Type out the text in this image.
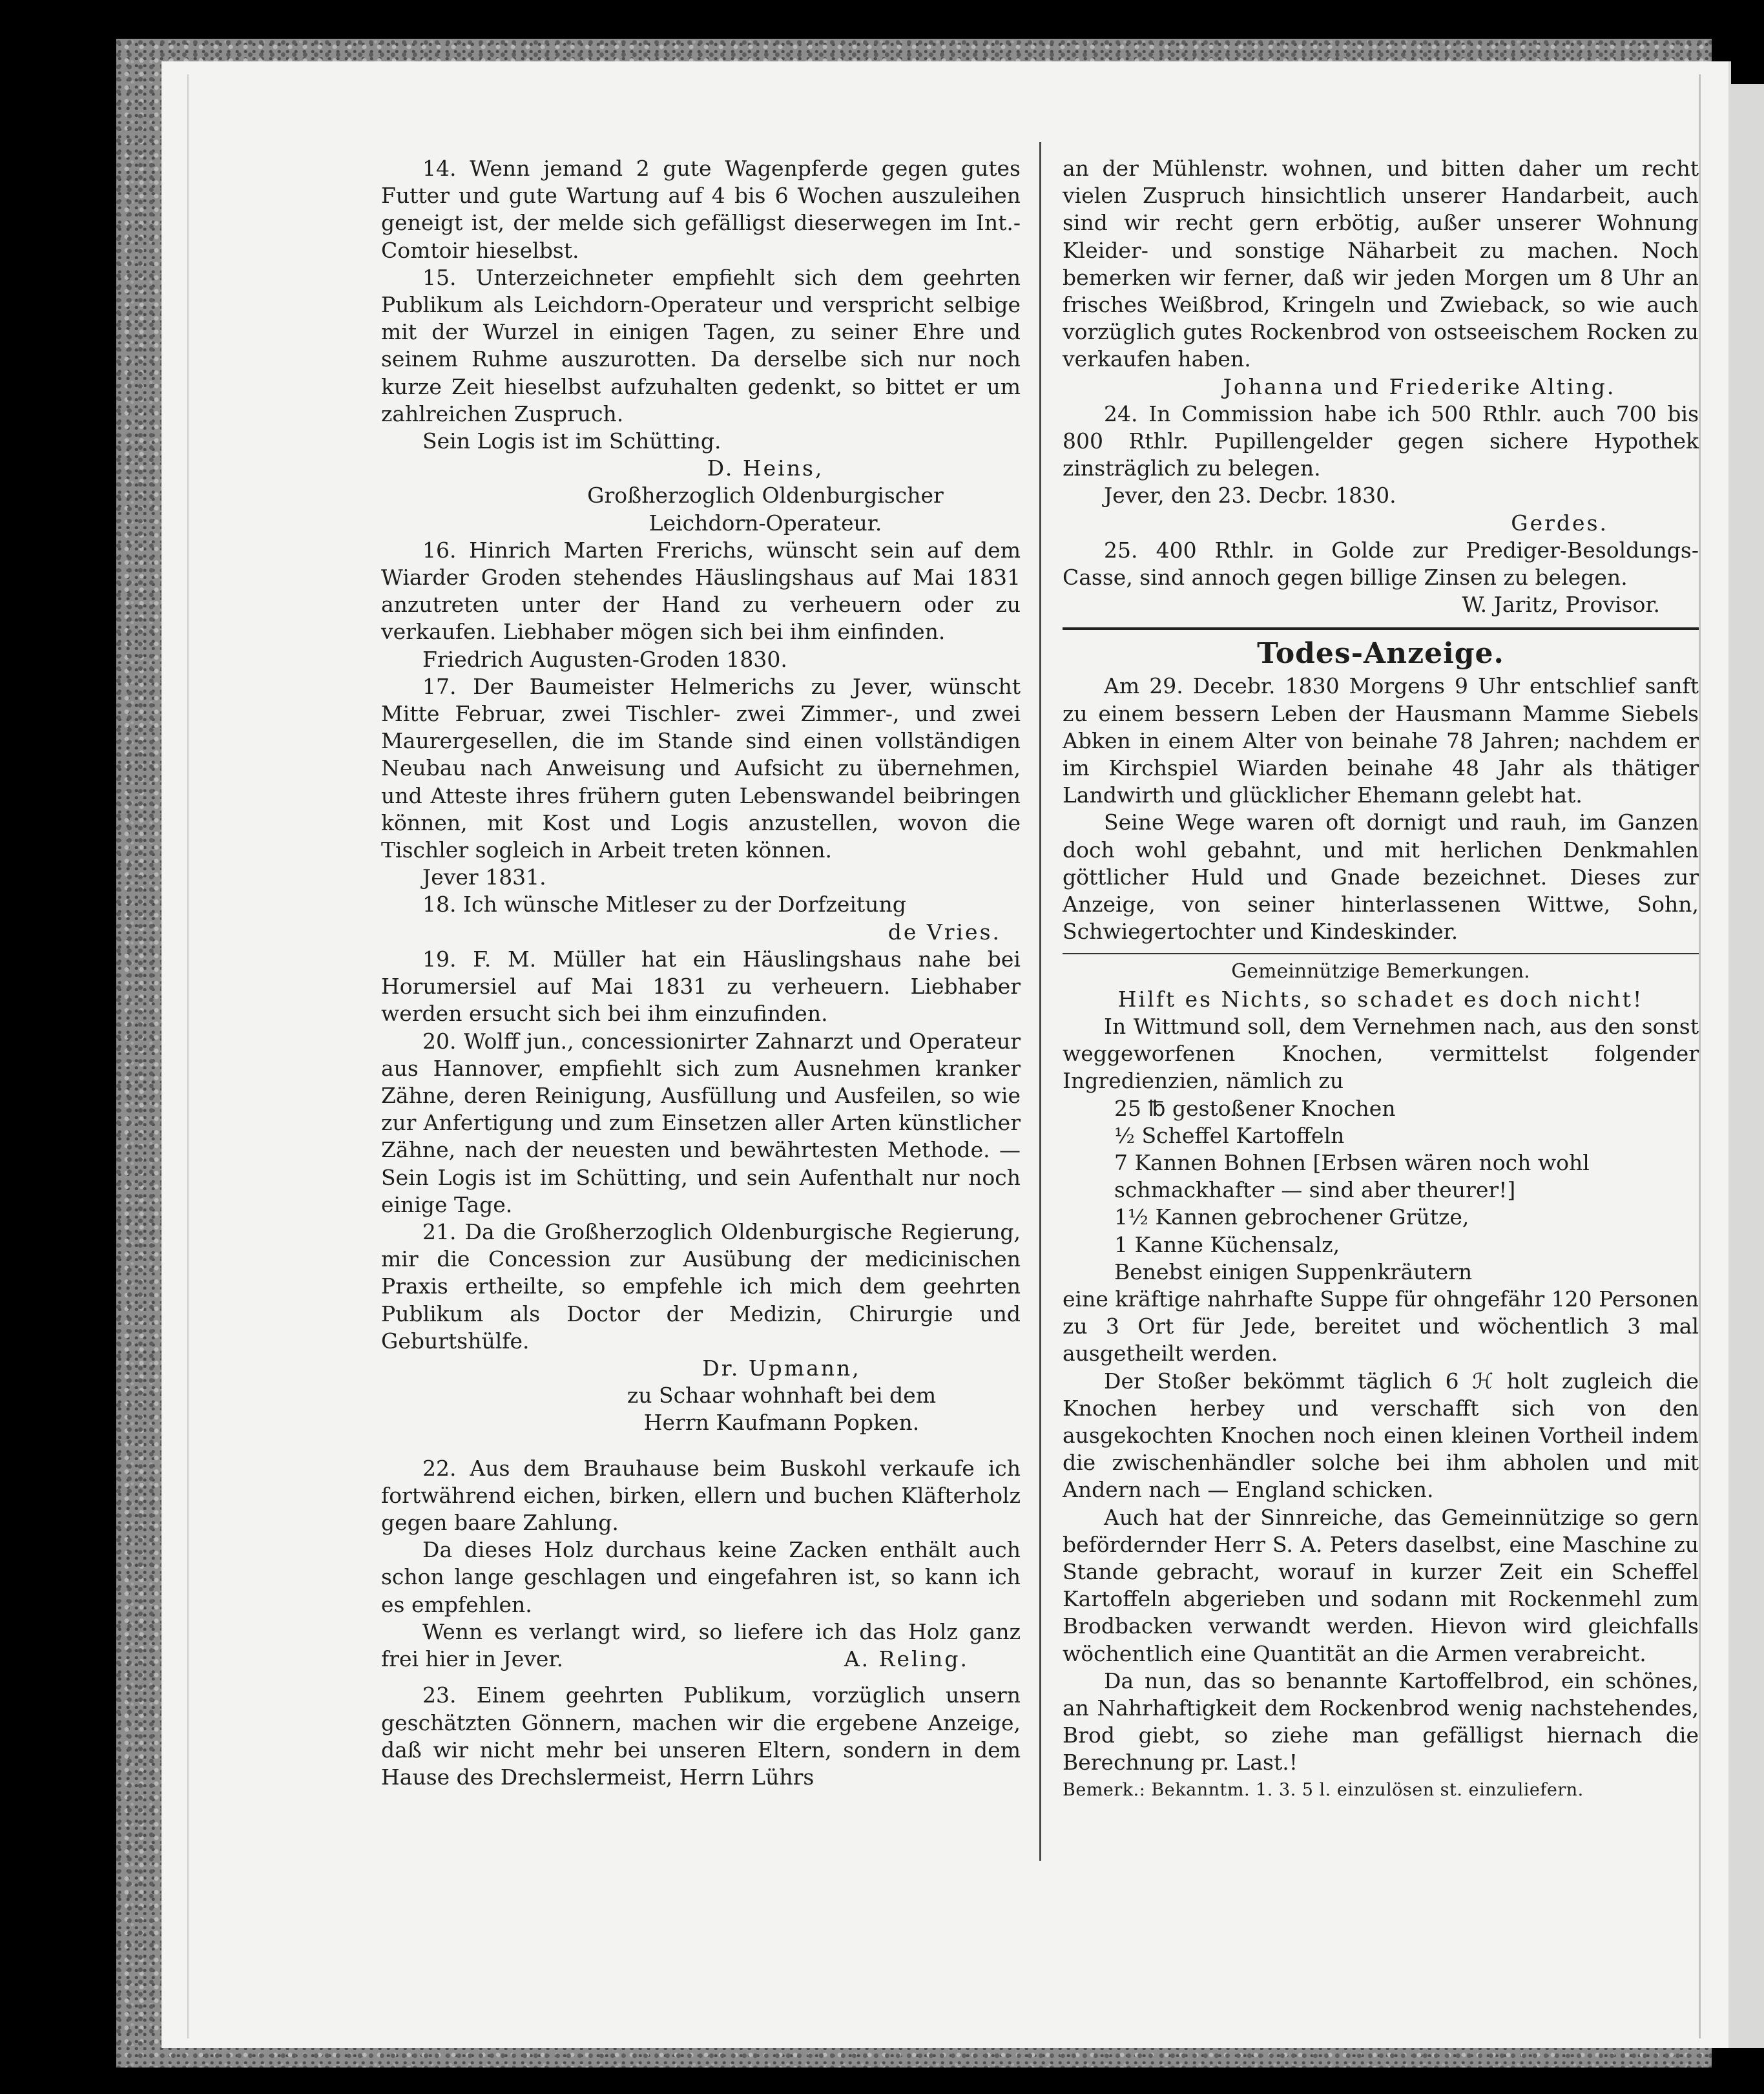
14. Wenn jemand 2 gute Wagenpferde gegen gutes Futter und gute Wartung auf 4 bis 6 Wochen auszuleihen geneigt ist, der melde sich gefälligst dieserwegen im Int.-Comtoir hieselbst.

15. Unterzeichneter empfiehlt sich dem geehrten Publikum als Leichdorn-Operateur und verspricht selbige mit der Wurzel in einigen Tagen, zu seiner Ehre und seinem Ruhme auszurotten. Da derselbe sich nur noch kurze Zeit hieselbst aufzuhalten gedenkt, so bittet er um zahlreichen Zuspruch.

Sein Logis ist im Schütting.

D. Heins,

Großherzoglich Oldenburgischer

Leichdorn-Operateur.

16. Hinrich Marten Frerichs, wünscht sein auf dem Wiarder Groden stehendes Häuslingshaus auf Mai 1831 anzutreten unter der Hand zu verheuern oder zu verkaufen. Liebhaber mögen sich bei ihm einfinden.

Friedrich Augusten-Groden 1830.

17. Der Baumeister Helmerichs zu Jever, wünscht Mitte Februar, zwei Tischler- zwei Zimmer-, und zwei Maurergesellen, die im Stande sind einen vollständigen Neubau nach Anweisung und Aufsicht zu übernehmen, und Atteste ihres frühern guten Lebenswandel beibringen können, mit Kost und Logis anzustellen, wovon die Tischler sogleich in Arbeit treten können.

Jever 1831.

18. Ich wünsche Mitleser zu der Dorfzeitung

de Vries.

19. F. M. Müller hat ein Häuslingshaus nahe bei Horumersiel auf Mai 1831 zu verheuern. Liebhaber werden ersucht sich bei ihm einzufinden.

20. Wolff jun., concessionirter Zahnarzt und Operateur aus Hannover, empfiehlt sich zum Ausnehmen kranker Zähne, deren Reinigung, Ausfüllung und Ausfeilen, so wie zur Anfertigung und zum Einsetzen aller Arten künstlicher Zähne, nach der neuesten und bewährtesten Methode. — Sein Logis ist im Schütting, und sein Aufenthalt nur noch einige Tage.

21. Da die Großherzoglich Oldenburgische Regierung, mir die Concession zur Ausübung der medicinischen Praxis ertheilte, so empfehle ich mich dem geehrten Publikum als Doctor der Medizin, Chirurgie und Geburtshülfe.

Dr. Upmann,

zu Schaar wohnhaft bei dem

Herrn Kaufmann Popken.

22. Aus dem Brauhause beim Buskohl verkaufe ich fortwährend eichen, birken, ellern und buchen Kläfterholz gegen baare Zahlung.

Da dieses Holz durchaus keine Zacken enthält auch schon lange geschlagen und eingefahren ist, so kann ich es empfehlen.

Wenn es verlangt wird, so liefere ich das Holz ganz frei hier in Jever.	A. Reling.

23. Einem geehrten Publikum, vorzüglich unsern geschätzten Gönnern, machen wir die ergebene Anzeige, daß wir nicht mehr bei unseren Eltern, sondern in dem Hause des Drechslermeist, Herrn Lührs

an der Mühlenstr. wohnen, und bitten daher um recht vielen Zuspruch hinsichtlich unserer Handarbeit, auch sind wir recht gern erbötig, außer unserer Wohnung Kleider- und sonstige Näharbeit zu machen. Noch bemerken wir ferner, daß wir jeden Morgen um 8 Uhr an frisches Weißbrod, Kringeln und Zwieback, so wie auch vorzüglich gutes Rockenbrod von ostseeischem Rocken zu verkaufen haben.

Johanna und Friederike Alting.

24. In Commission habe ich 500 Rthlr. auch 700 bis 800 Rthlr. Pupillengelder gegen sichere Hypothek zinsträglich zu belegen.

Jever, den 23. Decbr. 1830.

Gerdes.

25. 400 Rthlr. in Golde zur Prediger-Besoldungs-Casse, sind annoch gegen billige Zinsen zu belegen.

W. Jaritz, Provisor.

Todes-Anzeige.

Am 29. Decebr. 1830 Morgens 9 Uhr entschlief sanft zu einem bessern Leben der Hausmann Mamme Siebels Abken in einem Alter von beinahe 78 Jahren; nachdem er im Kirchspiel Wiarden beinahe 48 Jahr als thätiger Landwirth und glücklicher Ehemann gelebt hat.

Seine Wege waren oft dornigt und rauh, im Ganzen doch wohl gebahnt, und mit herlichen Denkmahlen göttlicher Huld und Gnade bezeichnet. Dieses zur Anzeige, von seiner hinterlassenen Wittwe, Sohn, Schwiegertochter und Kindeskinder.

Gemeinnützige Bemerkungen.

Hilft es Nichts, so schadet es doch nicht!

In Wittmund soll, dem Vernehmen nach, aus den sonst weggeworfenen Knochen, vermittelst folgender Ingredienzien, nämlich zu

25 ℔ gestoßener Knochen

½ Scheffel Kartoffeln

7 Kannen Bohnen [Erbsen wären noch wohl schmackhafter — sind aber theurer!]

1½ Kannen gebrochener Grütze,

1 Kanne Küchensalz,

Benebst einigen Suppenkräutern

eine kräftige nahrhafte Suppe für ohngefähr 120 Personen zu 3 Ort für Jede, bereitet und wöchentlich 3 mal ausgetheilt werden.

Der Stoßer bekömmt täglich 6 ℋ holt zugleich die Knochen herbey und verschafft sich von den ausgekochten Knochen noch einen kleinen Vortheil indem die zwischenhändler solche bei ihm abholen und mit Andern nach — England schicken.

Auch hat der Sinnreiche, das Gemeinnützige so gern befördernder Herr S. A. Peters daselbst, eine Maschine zu Stande gebracht, worauf in kurzer Zeit ein Scheffel Kartoffeln abgerieben und sodann mit Rockenmehl zum Brodbacken verwandt werden. Hievon wird gleichfalls wöchentlich eine Quantität an die Armen verabreicht.

Da nun, das so benannte Kartoffelbrod, ein schönes, an Nahrhaftigkeit dem Rockenbrod wenig nachstehendes, Brod giebt, so ziehe man gefälligst hiernach die Berechnung pr. Last.!

Bemerk.: Bekanntm. 1. 3. 5 l. einzulösen st. einzuliefern.
